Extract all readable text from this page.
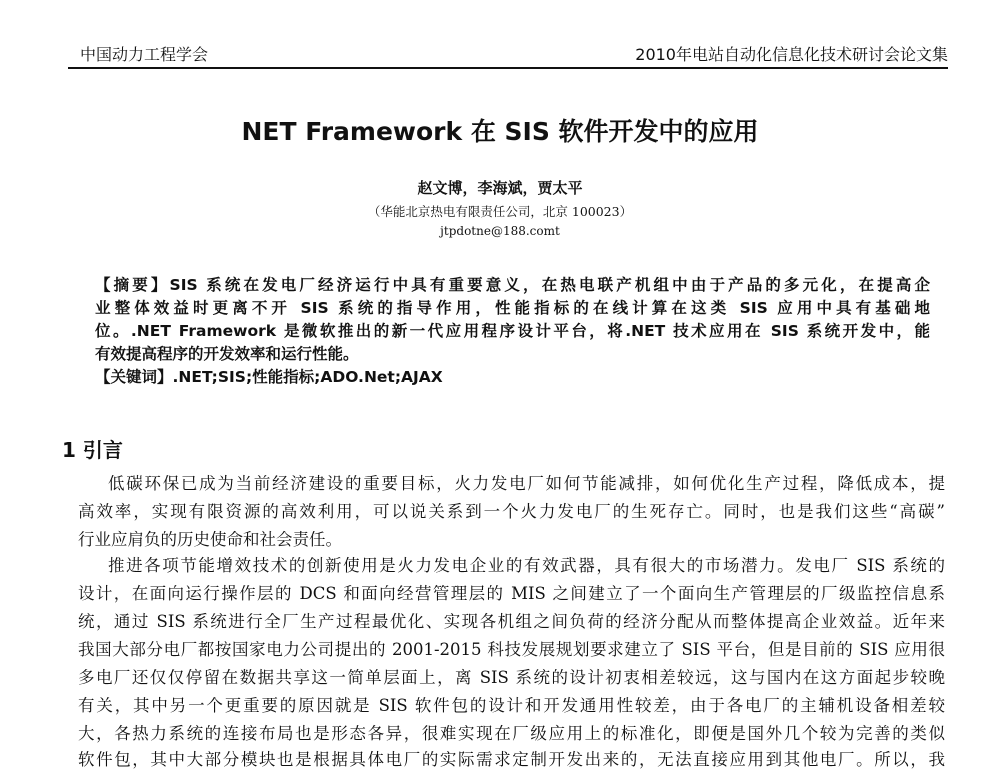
中国动力工程学会	2010年电站自动化信息化技术研讨会论文集
NET Framework 在 SIS 软件开发中的应用
赵文博，李海斌，贾太平
（华能北京热电有限责任公司，北京 100023）
jtpdotne@188.comt
【摘要】SIS 系统在发电厂经济运行中具有重要意义，在热电联产机组中由于产品的多元化，在提高企
业整体效益时更离不开 SIS 系统的指导作用，性能指标的在线计算在这类 SIS 应用中具有基础地
位。.NET Framework 是微软推出的新一代应用程序设计平台，将.NET 技术应用在 SIS 系统开发中，能
有效提高程序的开发效率和运行性能。
【关键词】.NET;SIS;性能指标;ADO.Net;AJAX
1 引言
低碳环保已成为当前经济建设的重要目标，火力发电厂如何节能减排，如何优化生产过程，降低成本，提
高效率，实现有限资源的高效利用，可以说关系到一个火力发电厂的生死存亡。同时，也是我们这些“高碳”
行业应肩负的历史使命和社会责任。
推进各项节能增效技术的创新使用是火力发电企业的有效武器，具有很大的市场潜力。发电厂 SIS 系统的
设计，在面向运行操作层的 DCS 和面向经营管理层的 MIS 之间建立了一个面向生产管理层的厂级监控信息系
统，通过 SIS 系统进行全厂生产过程最优化、实现各机组之间负荷的经济分配从而整体提高企业效益。近年来
我国大部分电厂都按国家电力公司提出的 2001-2015 科技发展规划要求建立了 SIS 平台，但是目前的 SIS 应用很
多电厂还仅仅停留在数据共享这一简单层面上，离 SIS 系统的设计初衷相差较远，这与国内在这方面起步较晚
有关，其中另一个更重要的原因就是 SIS 软件包的设计和开发通用性较差，由于各电厂的主辅机设备相差较
大，各热力系统的连接布局也是形态各异，很难实现在厂级应用上的标准化，即便是国外几个较为完善的类似
软件包，其中大部分模块也是根据具体电厂的实际需求定制开发出来的，无法直接应用到其他电厂。所以，我
